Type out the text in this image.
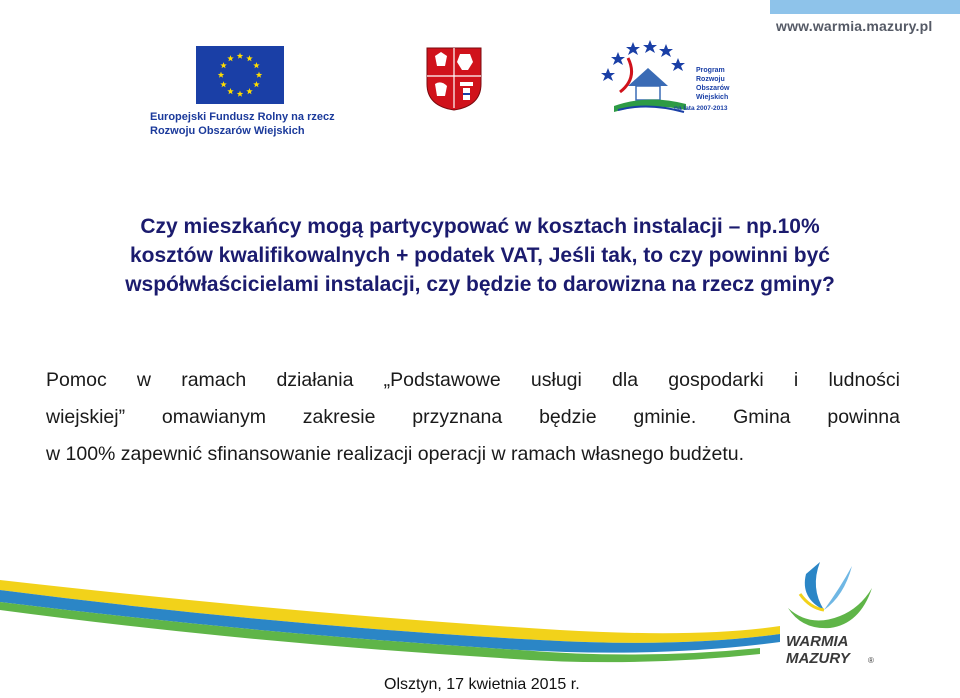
www.warmia.mazury.pl
Europejski Fundusz Rolny na rzecz
Rozwoju Obszarów Wiejskich
Program
Rozwoju
Obszarów
Wiejskich
na lata 2007-2013
Czy mieszkańcy mogą partycypować w kosztach instalacji – np.10%
kosztów kwalifikowalnych + podatek VAT, Jeśli tak, to czy powinni być
współwłaścicielami instalacji, czy będzie to darowizna na rzecz gminy?
Pomoc w ramach działania „Podstawowe usługi dla gospodarki i ludności
wiejskiej” omawianym zakresie przyznana będzie gminie. Gmina powinna
w 100% zapewnić sfinansowanie realizacji operacji w ramach własnego budżetu.
WARMIA
MAZURY ®
Olsztyn, 17 kwietnia 2015 r.
